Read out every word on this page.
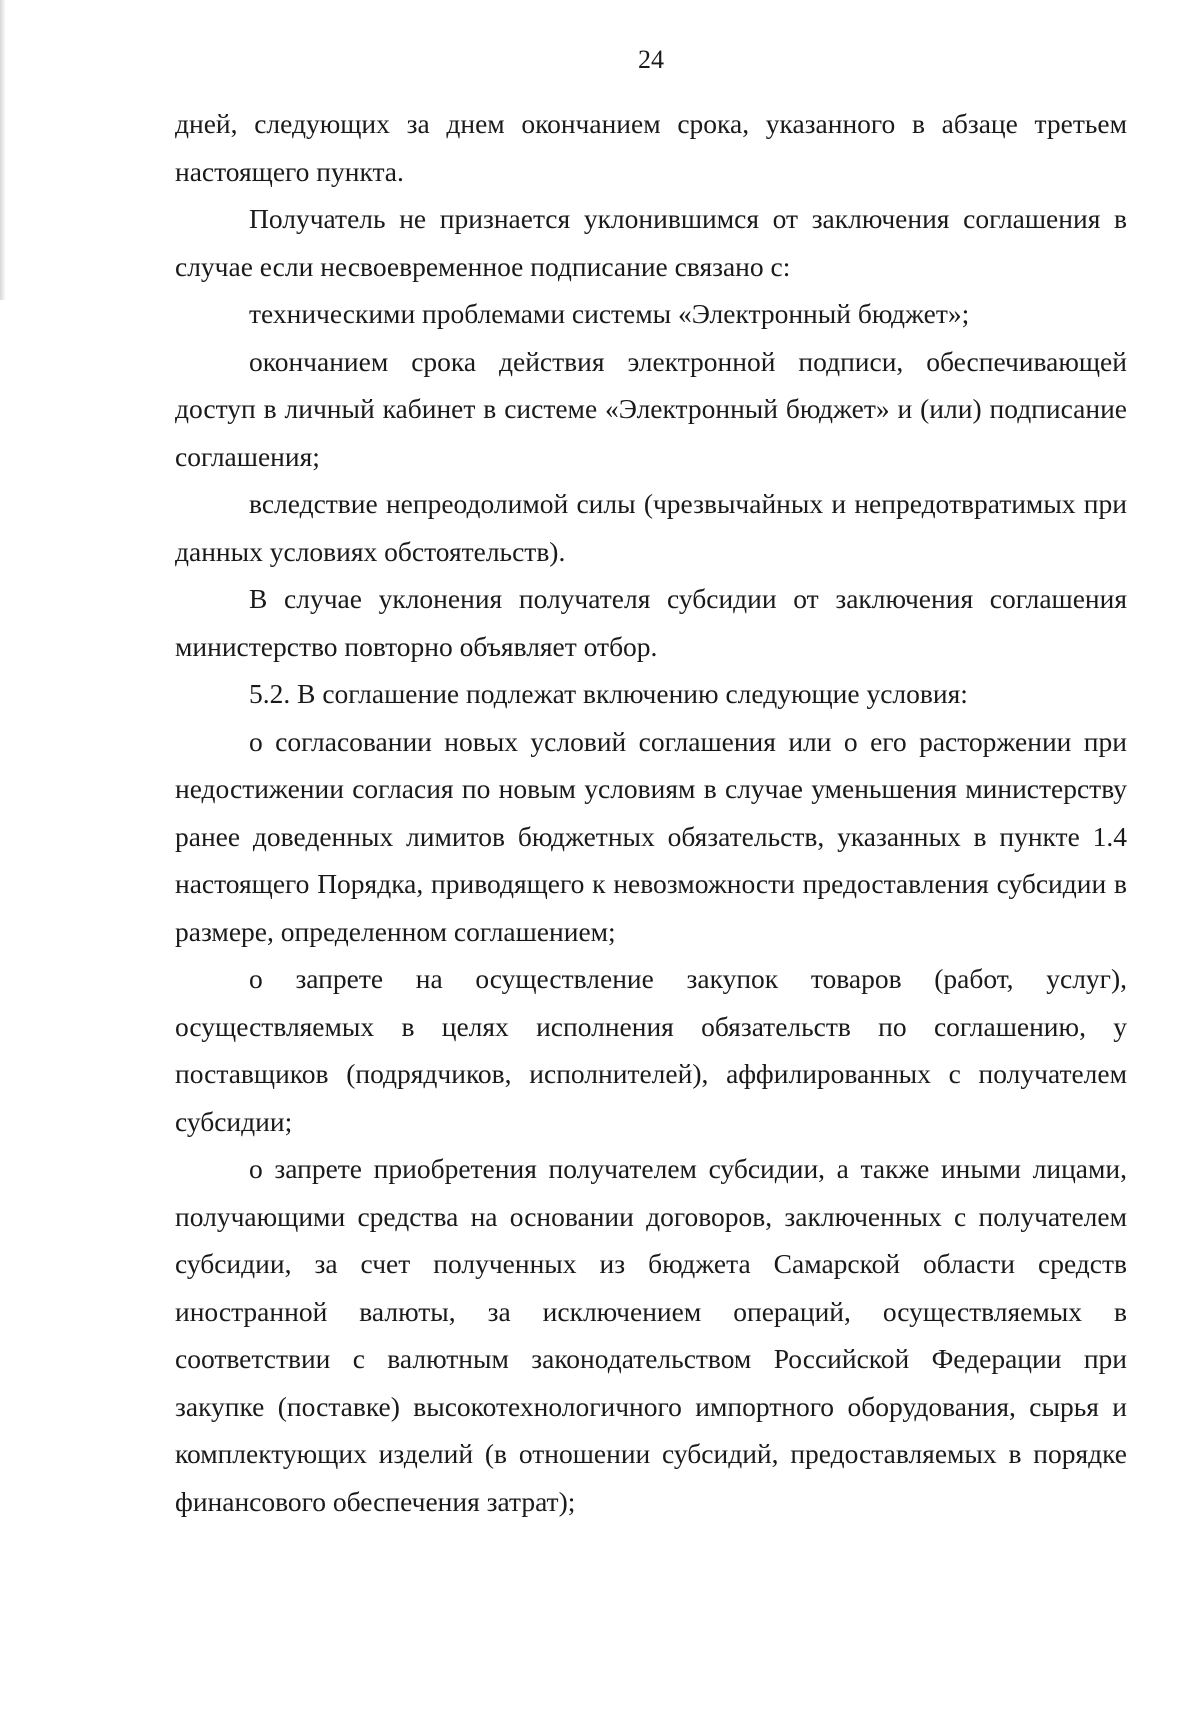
24

дней, следующих за днем окончанием срока, указанного в абзаце третьем настоящего пункта.

Получатель не признается уклонившимся от заключения соглашения в случае если несвоевременное подписание связано с:

техническими проблемами системы «Электронный бюджет»;

окончанием срока действия электронной подписи, обеспечивающей доступ в личный кабинет в системе «Электронный бюджет» и (или) подписание соглашения;

вследствие непреодолимой силы (чрезвычайных и непредотвратимых при данных условиях обстоятельств).

В случае уклонения получателя субсидии от заключения соглашения министерство повторно объявляет отбор.

5.2. В соглашение подлежат включению следующие условия:

о согласовании новых условий соглашения или о его расторжении при недостижении согласия по новым условиям в случае уменьшения министерству ранее доведенных лимитов бюджетных обязательств, указанных в пункте 1.4 настоящего Порядка, приводящего к невозможности предоставления субсидии в размере, определенном соглашением;

о запрете на осуществление закупок товаров (работ, услуг), осуществляемых в целях исполнения обязательств по соглашению, у поставщиков (подрядчиков, исполнителей), аффилированных с получателем субсидии;

о запрете приобретения получателем субсидии, а также иными лицами, получающими средства на основании договоров, заключенных с получателем субсидии, за счет полученных из бюджета Самарской области средств иностранной валюты, за исключением операций, осуществляемых в соответствии с валютным законодательством Российской Федерации при закупке (поставке) высокотехнологичного импортного оборудования, сырья и комплектующих изделий (в отношении субсидий, предоставляемых в порядке финансового обеспечения затрат);
